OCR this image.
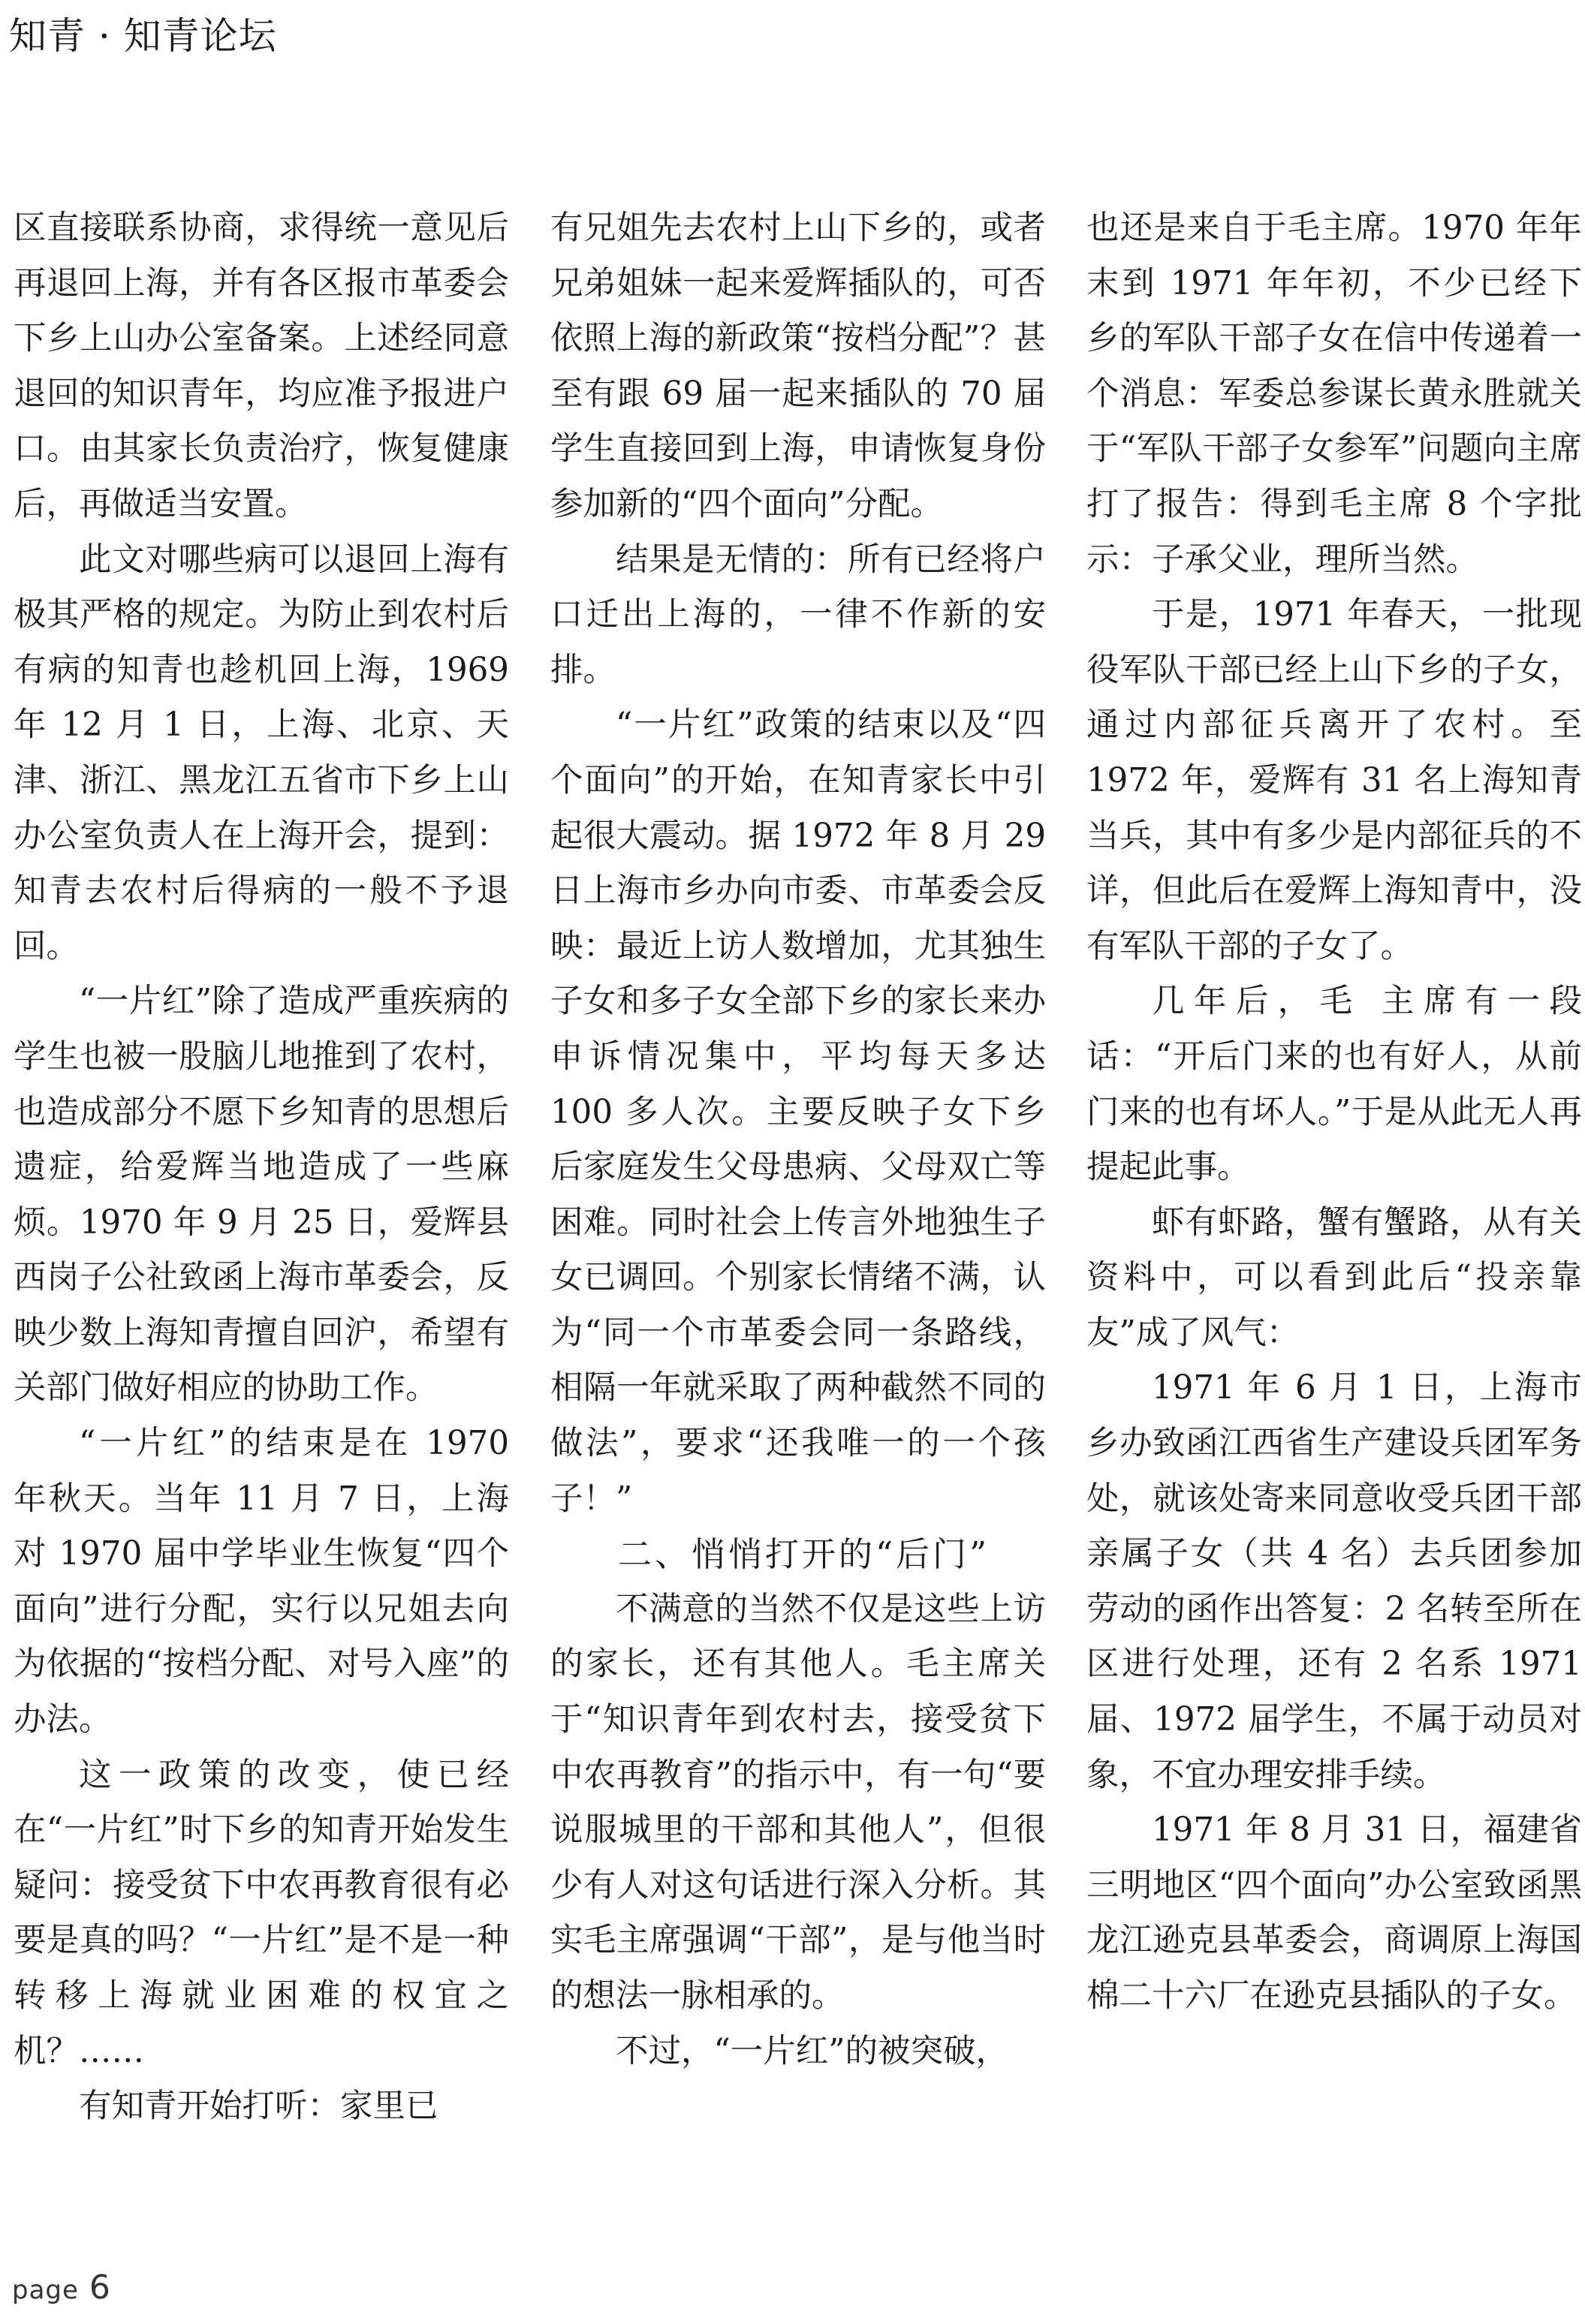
知青 · 知青论坛

区直接联系协商，求得统一意见后再退回上海，并有各区报市革委会下乡上山办公室备案。上述经同意退回的知识青年，均应准予报进户口。由其家长负责治疗，恢复健康后，再做适当安置。

此文对哪些病可以退回上海有极其严格的规定。为防止到农村后有病的知青也趁机回上海，1969 年 12 月 1 日，上海、北京、天津、浙江、黑龙江五省市下乡上山办公室负责人在上海开会，提到：知青去农村后得病的一般不予退回。

“一片红”除了造成严重疾病的学生也被一股脑儿地推到了农村，也造成部分不愿下乡知青的思想后遗症，给爱辉当地造成了一些麻烦。1970 年 9 月 25 日，爱辉县西岗子公社致函上海市革委会，反映少数上海知青擅自回沪，希望有关部门做好相应的协助工作。

“一片红”的结束是在 1970 年秋天。当年 11 月 7 日，上海对 1970 届中学毕业生恢复“四个面向”进行分配，实行以兄姐去向为依据的“按档分配、对号入座”的办法。

这一政策的改变，使已经在“一片红”时下乡的知青开始发生疑问：接受贫下中农再教育很有必要是真的吗？“一片红”是不是一种转移上海就业困难的权宜之机？……

有知青开始打听：家里已

有兄姐先去农村上山下乡的，或者兄弟姐妹一起来爱辉插队的，可否依照上海的新政策“按档分配”？甚至有跟 69 届一起来插队的 70 届学生直接回到上海，申请恢复身份参加新的“四个面向”分配。

结果是无情的：所有已经将户口迁出上海的，一律不作新的安排。

“一片红”政策的结束以及“四个面向”的开始，在知青家长中引起很大震动。据 1972 年 8 月 29 日上海市乡办向市委、市革委会反映：最近上访人数增加，尤其独生子女和多子女全部下乡的家长来办申诉情况集中，平均每天多达 100 多人次。主要反映子女下乡后家庭发生父母患病、父母双亡等困难。同时社会上传言外地独生子女已调回。个别家长情绪不满，认为“同一个市革委会同一条路线，相隔一年就采取了两种截然不同的做法”，要求“还我唯一的一个孩子！”

二、悄悄打开的“后门”

不满意的当然不仅是这些上访的家长，还有其他人。毛主席关于“知识青年到农村去，接受贫下中农再教育”的指示中，有一句“要说服城里的干部和其他人”，但很少有人对这句话进行深入分析。其实毛主席强调“干部”，是与他当时的想法一脉相承的。

不过，“一片红”的被突破，

也还是来自于毛主席。1970 年年末到 1971 年年初，不少已经下乡的军队干部子女在信中传递着一个消息：军委总参谋长黄永胜就关于“军队干部子女参军”问题向主席打了报告：得到毛主席 8 个字批示：子承父业，理所当然。

于是，1971 年春天，一批现役军队干部已经上山下乡的子女，通过内部征兵离开了农村。至 1972 年，爱辉有 31 名上海知青当兵，其中有多少是内部征兵的不详，但此后在爱辉上海知青中，没有军队干部的子女了。

几年后，毛 主席有一段话：“开后门来的也有好人，从前门来的也有坏人。”于是从此无人再提起此事。

虾有虾路，蟹有蟹路，从有关资料中，可以看到此后“投亲靠友”成了风气：

1971 年 6 月 1 日，上海市乡办致函江西省生产建设兵团军务处，就该处寄来同意收受兵团干部亲属子女（共 4 名）去兵团参加劳动的函作出答复：2 名转至所在区进行处理，还有 2 名系 1971 届、1972 届学生，不属于动员对象，不宜办理安排手续。

1971 年 8 月 31 日，福建省三明地区“四个面向”办公室致函黑龙江逊克县革委会，商调原上海国棉二十六厂在逊克县插队的子女。

page 6
